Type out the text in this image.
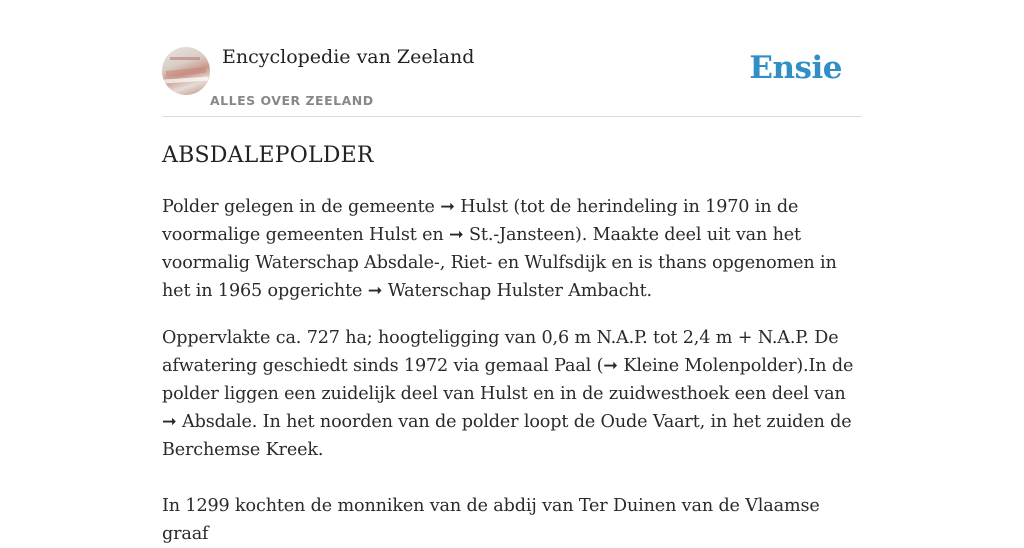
Encyclopedie van Zeeland
ALLES OVER ZEELAND
Ensie
ABSDALEPOLDER

Polder gelegen in de gemeente ➞ Hulst (tot de herindeling in 1970 in de voormalige gemeenten Hulst en ➞ St.-Jansteen). Maakte deel uit van het voormalig Waterschap Absdale-, Riet- en Wulfsdijk en is thans opgenomen in het in 1965 opgerichte ➞ Waterschap Hulster Ambacht.

Oppervlakte ca. 727 ha; hoogteligging van 0,6 m N.A.P. tot 2,4 m + N.A.P. De afwatering geschiedt sinds 1972 via gemaal Paal (➞ Kleine Molenpolder).In de polder liggen een zuidelijk deel van Hulst en in de zuidwesthoek een deel van ➞ Absdale. In het noorden van de polder loopt de Oude Vaart, in het zuiden de Berchemse Kreek.

In 1299 kochten de monniken van de abdij van Ter Duinen van de Vlaamse graaf
